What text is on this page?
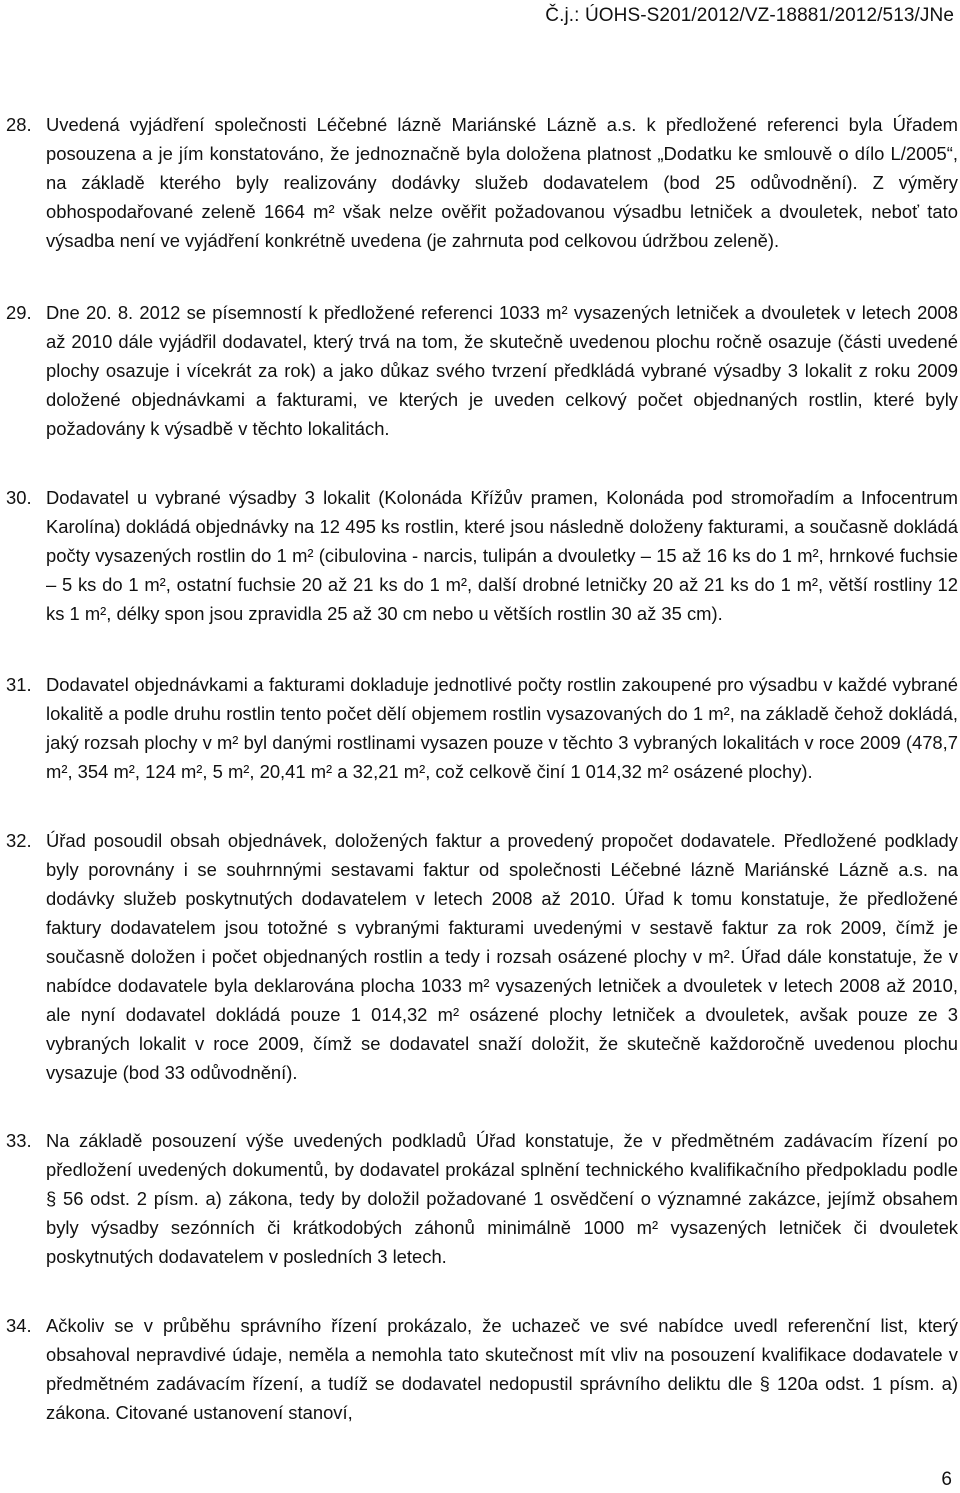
Č.j.: ÚOHS-S201/2012/VZ-18881/2012/513/JNe
28. Uvedená vyjádření společnosti Léčebné lázně Mariánské Lázně a.s. k předložené referenci byla Úřadem posouzena a je jím konstatováno, že jednoznačně byla doložena platnost „Dodatku ke smlouvě o dílo L/2005“, na základě kterého byly realizovány dodávky služeb dodavatelem (bod 25 odůvodnění). Z výměry obhospodařované zeleně 1664 m² však nelze ověřit požadovanou výsadbu letniček a dvouletek, neboť tato výsadba není ve vyjádření konkrétně uvedena (je zahrnuta pod celkovou údržbou zeleně).
29. Dne 20. 8. 2012 se písemností k předložené referenci 1033 m² vysazených letniček a dvouletek v letech 2008 až 2010 dále vyjádřil dodavatel, který trvá na tom, že skutečně uvedenou plochu ročně osazuje (části uvedené plochy osazuje i vícekrát za rok) a jako důkaz svého tvrzení předkládá vybrané výsadby 3 lokalit z roku 2009 doložené objednávkami a fakturami, ve kterých je uveden celkový počet objednaných rostlin, které byly požadovány k výsadbě v těchto lokalitách.
30. Dodavatel u vybrané výsadby 3 lokalit (Kolonáda Křížův pramen, Kolonáda pod stromořadím a Infocentrum Karolína) dokládá objednávky na 12 495 ks rostlin, které jsou následně doloženy fakturami, a současně dokládá počty vysazených rostlin do 1 m² (cibulovina - narcis, tulipán a dvouletky – 15 až 16 ks do 1 m², hrnkové fuchsie – 5 ks do 1 m², ostatní fuchsie 20 až 21 ks do 1 m², další drobné letničky 20 až 21 ks do 1 m², větší rostliny 12 ks 1 m², délky spon jsou zpravidla 25 až 30 cm nebo u větších rostlin 30 až 35 cm).
31. Dodavatel objednávkami a fakturami dokladuje jednotlivé počty rostlin zakoupené pro výsadbu v každé vybrané lokalitě a podle druhu rostlin tento počet dělí objemem rostlin vysazovaných do 1 m², na základě čehož dokládá, jaký rozsah plochy v m² byl danými rostlinami vysazen pouze v těchto 3 vybraných lokalitách v roce 2009 (478,7 m², 354 m², 124 m², 5 m², 20,41 m² a 32,21 m², což celkově činí 1 014,32 m² osázené plochy).
32. Úřad posoudil obsah objednávek, doložených faktur a provedený propočet dodavatele. Předložené podklady byly porovnány i se souhrnnými sestavami faktur od společnosti Léčebné lázně Mariánské Lázně a.s. na dodávky služeb poskytnutých dodavatelem v letech 2008 až 2010. Úřad k tomu konstatuje, že předložené faktury dodavatelem jsou totožné s vybranými fakturami uvedenými v sestavě faktur za rok 2009, čímž je současně doložen i počet objednaných rostlin a tedy i rozsah osázené plochy v m². Úřad dále konstatuje, že v nabídce dodavatele byla deklarována plocha 1033 m² vysazených letniček a dvouletek v letech 2008 až 2010, ale nyní dodavatel dokládá pouze 1 014,32 m² osázené plochy letniček a dvouletek, avšak pouze ze 3 vybraných lokalit v roce 2009, čímž se dodavatel snaží doložit, že skutečně každoročně uvedenou plochu vysazuje (bod 33 odůvodnění).
33. Na základě posouzení výše uvedených podkladů Úřad konstatuje, že v předmětném zadávacím řízení po předložení uvedených dokumentů, by dodavatel prokázal splnění technického kvalifikačního předpokladu podle § 56 odst. 2 písm. a) zákona, tedy by doložil požadované 1 osvědčení o významné zakázce, jejímž obsahem byly výsadby sezónních či krátkodobých záhonů minimálně 1000 m² vysazených letniček či dvouletek poskytnutých dodavatelem v posledních 3 letech.
34. Ačkoliv se v průběhu správního řízení prokázalo, že uchazeč ve své nabídce uvedl referenční list, který obsahoval nepravdivé údaje, neměla a nemohla tato skutečnost mít vliv na posouzení kvalifikace dodavatele v předmětném zadávacím řízení, a tudíž se dodavatel nedopustil správního deliktu dle § 120a odst. 1 písm. a) zákona. Citované ustanovení stanoví,
6
